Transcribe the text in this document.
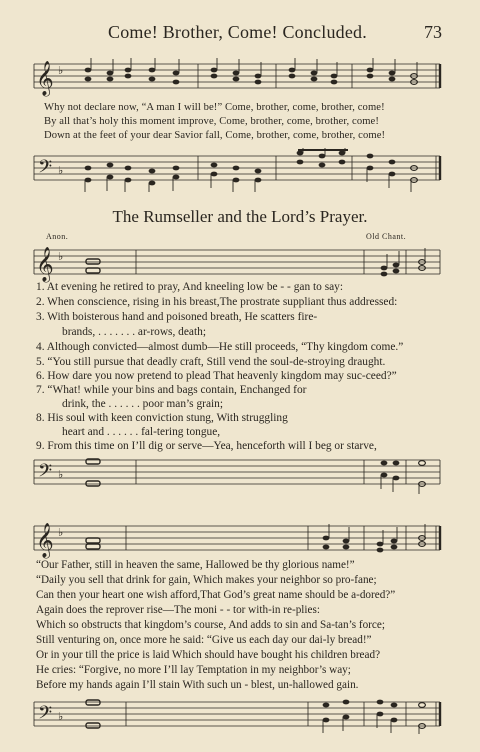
Come! Brother, Come! Concluded.	73
𝄞 ♭
Why not declare now, “A man I will be!” Come, brother, come, brother, come!
By all that’s holy this moment improve, Come, brother, come, brother, come!
Down at the feet of your dear Savior fall, Come, brother, come, brother, come!
𝄢 ♭
The Rumseller and the Lord’s Prayer.
Anon.	Old Chant.
𝄞 ♭
1. At evening he retired to pray, And kneeling low be - - gan to say:
2. When conscience, rising in his breast,The prostrate suppliant thus addressed:
3. With boisterous hand and poisoned breath, He scatters fire-
brands, . . . . . . . ar-rows, death;
4. Although convicted—almost dumb—He still proceeds, “Thy kingdom come.”
5. “You still pursue that deadly craft, Still vend the soul-de-stroying draught.
6. How dare you now pretend to plead That heavenly kingdom may suc-ceed?”
7. “What! while your bins and bags contain, Enchanged for
drink, the . . . . . . poor man’s grain;
8. His soul with keen conviction stung, With struggling
heart and . . . . . . fal-tering tongue,
9. From this time on I’ll dig or serve—Yea, henceforth will I beg or starve,
𝄢 ♭
𝄞 ♭
“Our Father, still in heaven the same, Hallowed be thy glorious name!”
“Daily you sell that drink for gain, Which makes your neighbor so pro-fane;
Can then your heart one wish afford,That God’s great name should be a-dored?”
Again does the reprover rise—The moni - - tor with-in re-plies:
Which so obstructs that kingdom’s course, And adds to sin and Sa-tan’s force;
Still venturing on, once more he said: “Give us each day our dai-ly bread!”
Or in your till the price is laid Which should have bought his children bread?
He cries: “Forgive, no more I’ll lay Temptation in my neighbor’s way;
Before my hands again I’ll stain With such un - blest, un-hallowed gain.
𝄢 ♭
